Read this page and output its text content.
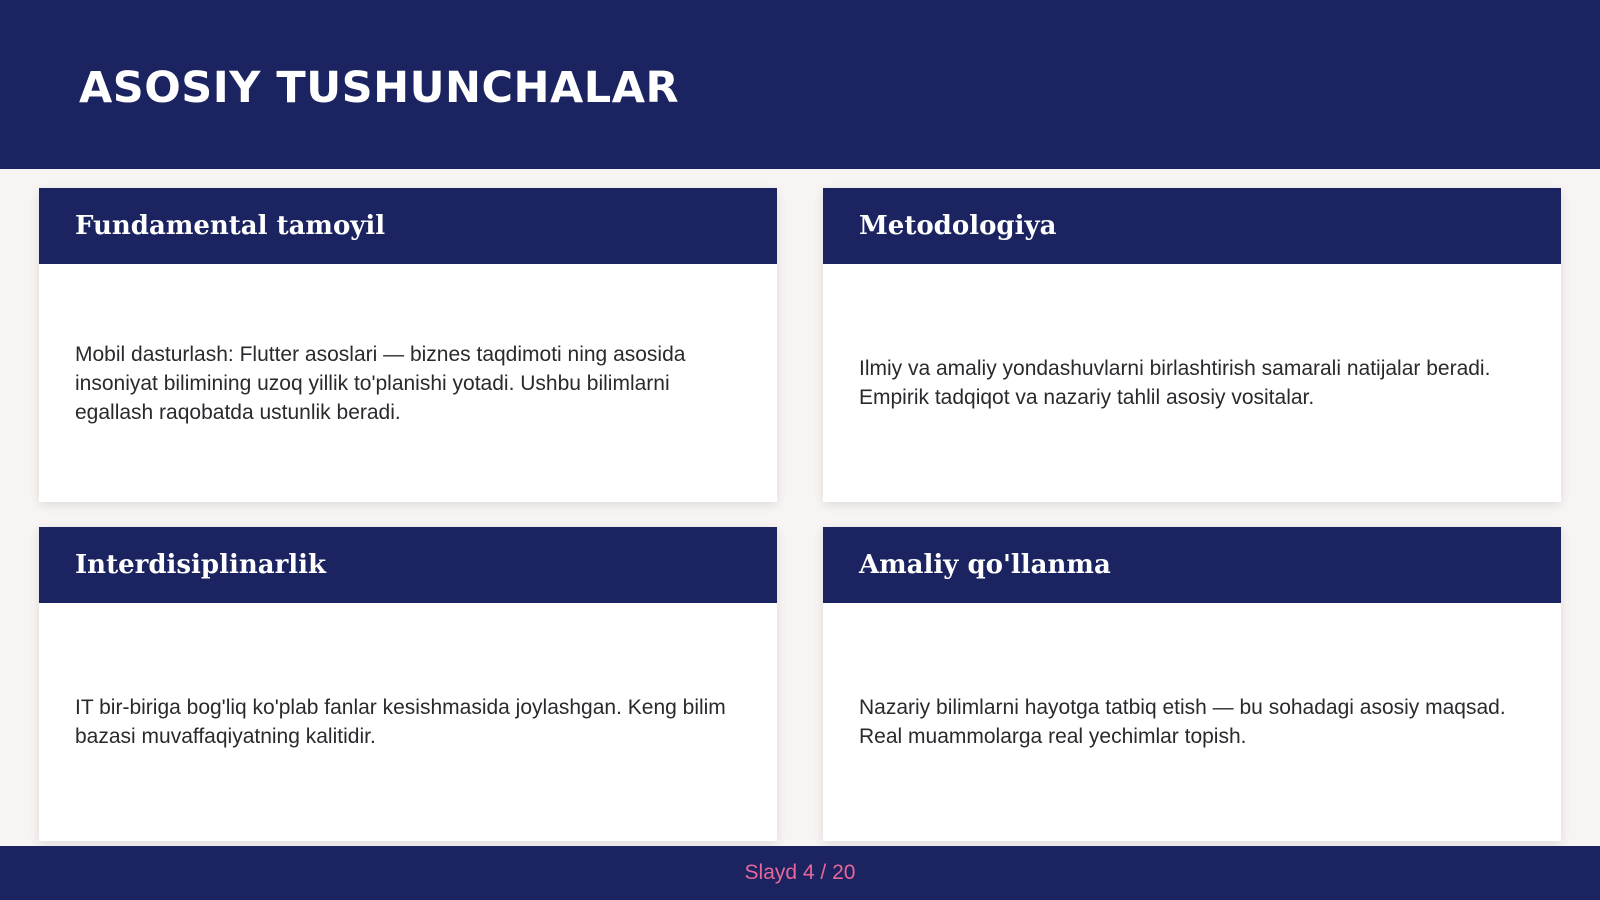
ASOSIY TUSHUNCHALAR
Fundamental tamoyil

Mobil dasturlash: Flutter asoslari — biznes taqdimoti ning asosida insoniyat bilimining uzoq yillik to'planishi yotadi. Ushbu bilimlarni egallash raqobatda ustunlik beradi.

Metodologiya

Ilmiy va amaliy yondashuvlarni birlashtirish samarali natijalar beradi. Empirik tadqiqot va nazariy tahlil asosiy vositalar.

Interdisiplinarlik

IT bir-biriga bog'liq ko'plab fanlar kesishmasida joylashgan. Keng bilim bazasi muvaffaqiyatning kalitidir.

Amaliy qo'llanma

Nazariy bilimlarni hayotga tatbiq etish — bu sohadagi asosiy maqsad. Real muammolarga real yechimlar topish.

Slayd 4 / 20
